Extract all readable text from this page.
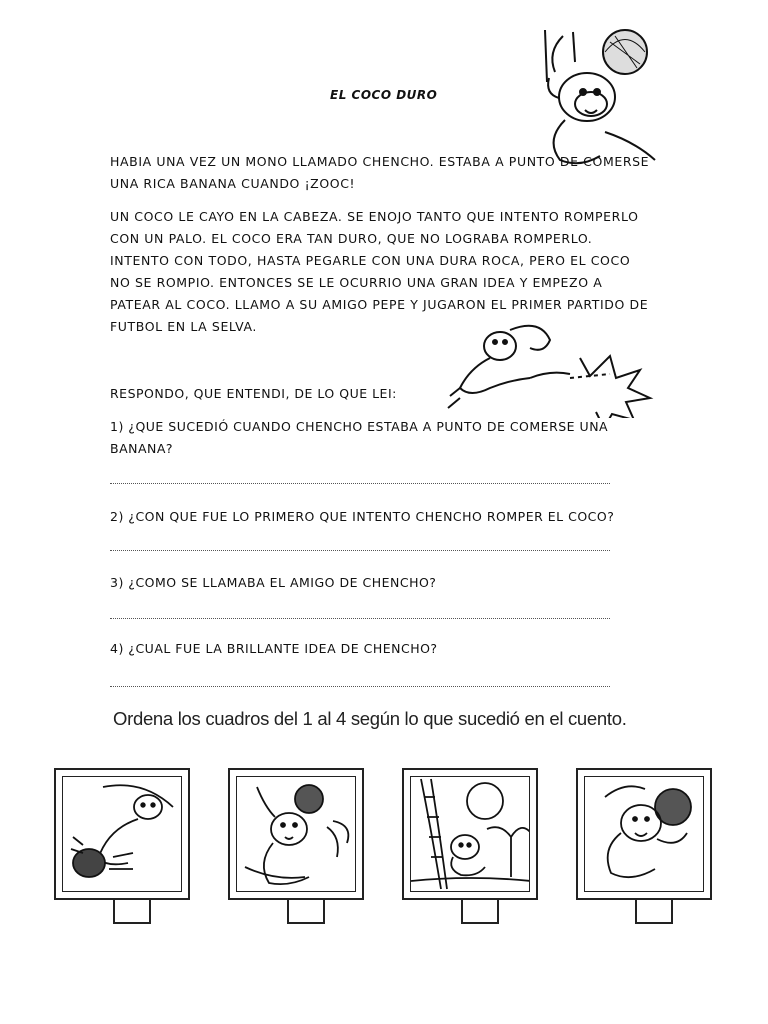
EL COCO DURO
HABIA UNA VEZ UN MONO LLAMADO CHENCHO. ESTABA A PUNTO DE COMERSE UNA RICA BANANA CUANDO ¡ZOOC!
UN COCO LE CAYO EN LA CABEZA. SE ENOJO TANTO QUE INTENTO ROMPERLO CON UN PALO. EL COCO ERA TAN DURO, QUE NO LOGRABA ROMPERLO. INTENTO CON TODO, HASTA PEGARLE CON UNA DURA ROCA, PERO EL COCO NO SE ROMPIO. ENTONCES SE LE OCURRIO UNA GRAN IDEA Y EMPEZO A PATEAR AL COCO. LLAMO A SU AMIGO PEPE Y JUGARON EL PRIMER PARTIDO DE FUTBOL EN LA SELVA.
RESPONDO, QUE ENTENDI, DE LO QUE LEI:
1) ¿QUE SUCEDIÓ CUANDO CHENCHO ESTABA A PUNTO DE COMERSE UNA BANANA?
2) ¿CON QUE FUE LO PRIMERO QUE INTENTO CHENCHO ROMPER EL COCO?
3) ¿COMO SE LLAMABA EL AMIGO DE CHENCHO?
4) ¿CUAL FUE LA BRILLANTE IDEA DE CHENCHO?
Ordena los cuadros del 1 al 4 según lo que sucedió en el cuento.
